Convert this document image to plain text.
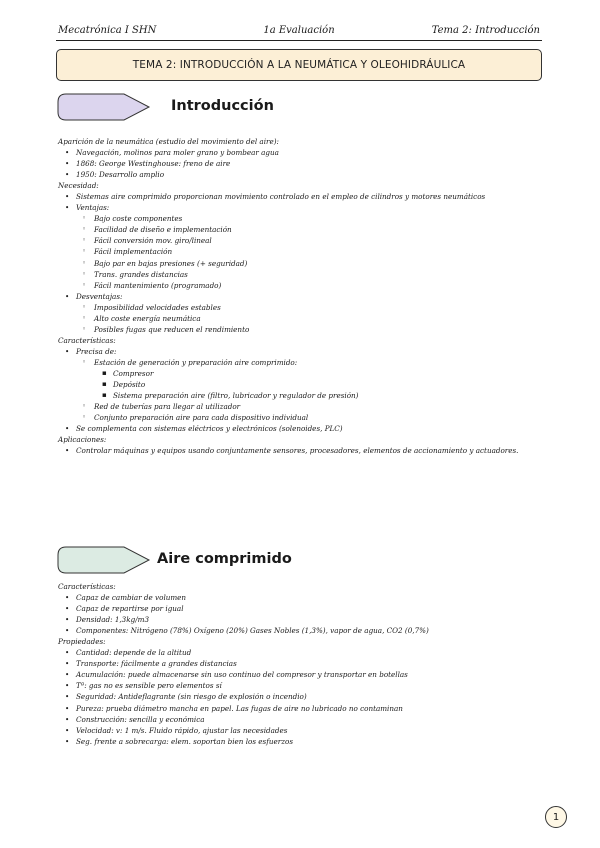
Mecatrónica I SHN	1a Evaluación	Tema 2: Introducción
TEMA 2: INTRODUCCIÓN A LA NEUMÁTICA Y OLEOHIDRÁULICA
Introducción
Aparición de la neumática (estudio del movimiento del aire):
• Navegación, molinos para moler grano y bombear agua
• 1868: George Westinghouse: freno de aire
• 1950: Desarrollo amplio
Necesidad:
• Sistemas aire comprimido proporcionan movimiento controlado en el empleo de cilindros y motores neumáticos
• Ventajas:
◦ Bajo coste componentes
◦ Facilidad de diseño e implementación
◦ Fácil conversión mov. giro/lineal
◦ Fácil implementación
◦ Bajo par en bajas presiones (+ seguridad)
◦ Trans. grandes distancias
◦ Fácil mantenimiento (programado)
• Desventajas:
◦ Imposibilidad velocidades estables
◦ Alto coste energía neumática
◦ Posibles fugas que reducen el rendimiento
Características:
• Precisa de:
◦ Estación de generación y preparación aire comprimido:
▪ Compresor
▪ Depósito
▪ Sistema preparación aire (filtro, lubricador y regulador de presión)
◦ Red de tuberías para llegar al utilizador
◦ Conjunto preparación aire para cada dispositivo individual
• Se complementa con sistemas eléctricos y electrónicos (solenoides, PLC)
Aplicaciones:
• Controlar máquinas y equipos usando conjuntamente sensores, procesadores, elementos de accionamiento y actuadores.
Aire comprimido
Características:
• Capaz de cambiar de volumen
• Capaz de repartirse por igual
• Densidad: 1,3kg/m3
• Componentes: Nitrógeno (78%) Oxígeno (20%) Gases Nobles (1,3%), vapor de agua, CO2 (0,7%)
Propiedades:
• Cantidad: depende de la altitud
• Transporte: fácilmente a grandes distancias
• Acumulación: puede almacenarse sin uso continuo del compresor y transportar en botellas
• Tª: gas no es sensible pero elementos sí
• Seguridad: Antideflagrante (sin riesgo de explosión o incendio)
• Pureza: prueba diámetro mancha en papel. Las fugas de aire no lubricado no contaminan
• Construcción: sencilla y económica
• Velocidad: v: 1 m/s. Fluido rápido, ajustar las necesidades
• Seg. frente a sobrecarga: elem. soportan bien los esfuerzos
1
